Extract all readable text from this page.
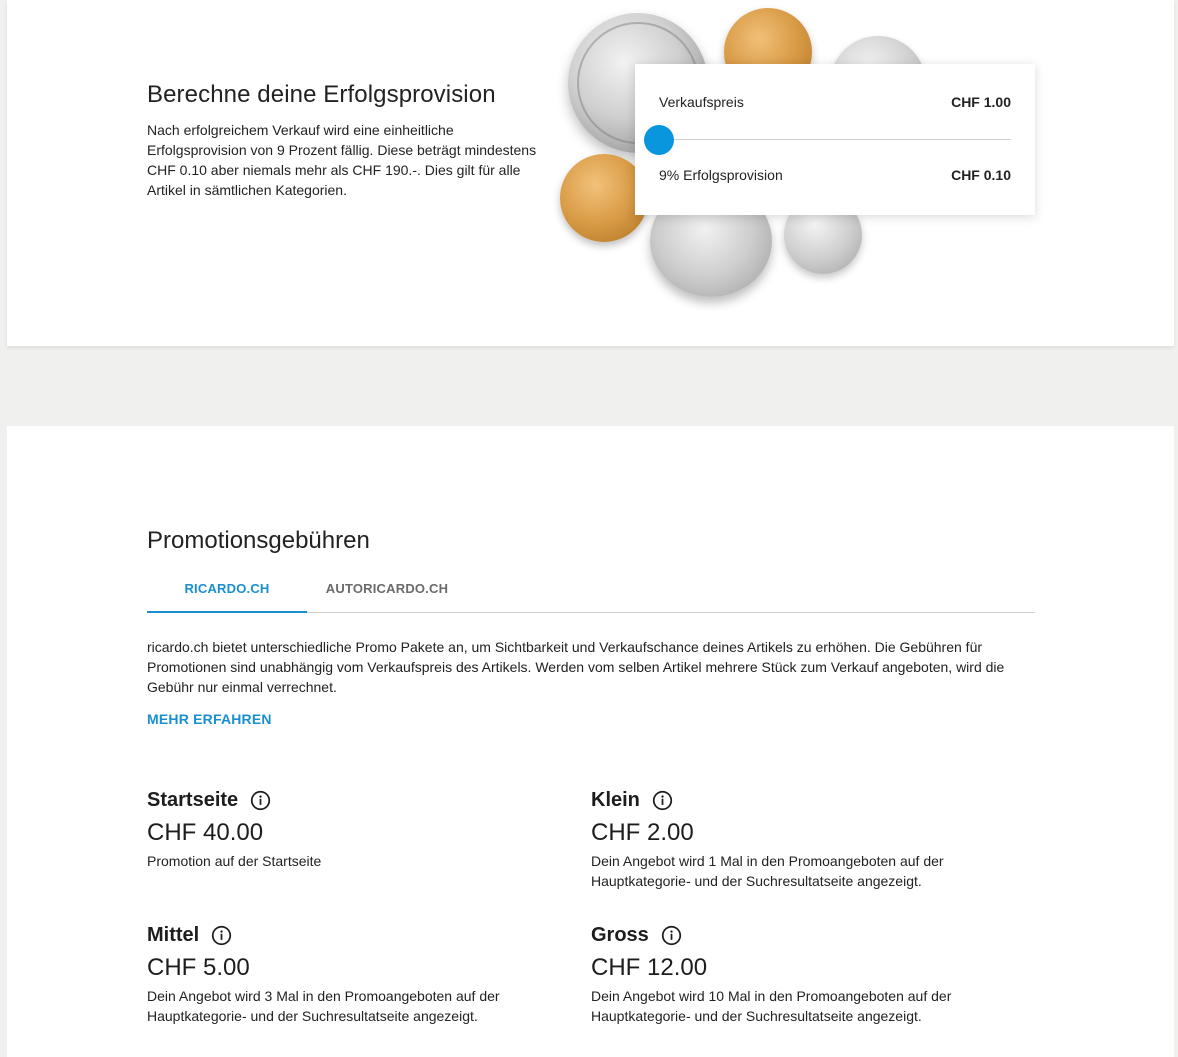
Berechne deine Erfolgsprovision

Nach erfolgreichem Verkauf wird eine einheitliche Erfolgsprovision von 9 Prozent fällig. Diese beträgt mindestens CHF 0.10 aber niemals mehr als CHF 190.-. Dies gilt für alle Artikel in sämtlichen Kategorien.

Verkaufspreis	CHF 1.00
9% Erfolgsprovision	CHF 0.10
Promotionsgebühren
RICARDO.CH	AUTORICARDO.CH

ricardo.ch bietet unterschiedliche Promo Pakete an, um Sichtbarkeit und Verkaufschance deines Artikels zu erhöhen. Die Gebühren für Promotionen sind unabhängig vom Verkaufspreis des Artikels. Werden vom selben Artikel mehrere Stück zum Verkauf angeboten, wird die Gebühr nur einmal verrechnet.

MEHR ERFAHREN
Startseite
CHF 40.00
Promotion auf der Startseite
Klein
CHF 2.00
Dein Angebot wird 1 Mal in den Promoangeboten auf der Hauptkategorie- und der Suchresultatseite angezeigt.
Mittel
CHF 5.00
Dein Angebot wird 3 Mal in den Promoangeboten auf der Hauptkategorie- und der Suchresultatseite angezeigt.
Gross
CHF 12.00
Dein Angebot wird 10 Mal in den Promoangeboten auf der Hauptkategorie- und der Suchresultatseite angezeigt.
